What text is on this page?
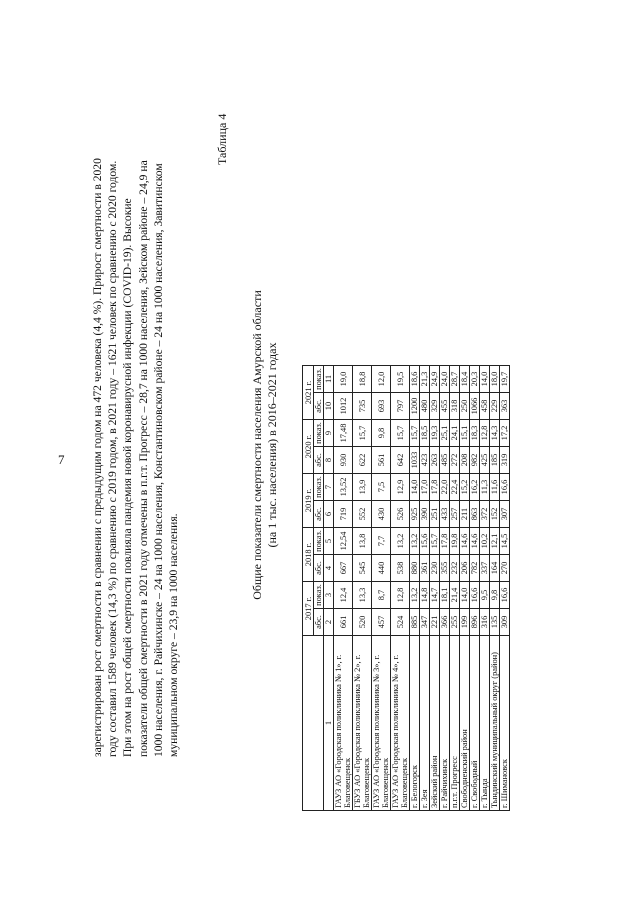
7 зарегистрирован рост смертности в сравнении с предыдущим годом на 472 человека (4,4 %). Прирост смертности в 2020 году составил 1589 человек (14,3 %) по сравнению с 2019 годом, в 2021 году – 1621 человек по сравнению с 2020 годом. При этом на рост общей смертности повлияла пандемия новой коронавирусной инфекции (COVID-19). Высокие показатели общей смертности в 2021 году отмечены в п.г.т. Прогресс – 28,7 на 1000 населения, Зейском районе – 24,9 на 1000 населения, г. Райчихинске – 24 на 1000 населения, Константиновском районе – 24 на 1000 населения, Завитинском муниципальном округе – 23,9 на 1000 населения.

Таблица 4
Общие показатели смертности населения Амурской области (на 1 тыс. населения) в 2016–2021 годах
	2017 г.		2018 г.		2019 г.		2020 г.		2021 г.	
	абс.	показ.	абс.	показ.	абс.	показ.	абс.	показ.	абс.	показ.
1	2	3	4	5	6	7	8	9	10	11
ГАУЗ АО «Городская поликлиника № 1», г. Благовещенск	661	12,4	667	12,54	719	13,52	930	17,48	1012	19,0
ГБУЗ АО «Городская поликлиника № 2», г. Благовещенск	520	13,3	545	13,8	552	13,9	622	15,7	735	18,8
ГАУЗ АО «Городская поликлиника № 3», г. Благовещенск	457	8,7	440	7,7	430	7,5	561	9,8	693	12,0
ГАУЗ АО «Городская поликлиника № 4», г. Благовещенск	524	12,8	538	13,2	526	12,9	642	15,7	797	19,5
г. Белогорск	885	13,2	880	13,2	925	14,0	1033	15,7	1200	18,6
г. Зея	347	14,8	361	15,6	390	17,0	423	18,5	480	21,3
Зейский район	221	14,7	230	15,7	251	17,8	263	19,3	329	24,9
г. Райчихинск	366	18,1	355	17,8	433	22,0	485	25,1	455	24,0
п.г.т. Прогресс	255	21,4	232	19,8	257	22,4	272	24,1	318	28,7
Свободненский район	199	14,0	206	14,6	211	15,2	208	15,1	250	18,4
г. Свободный	896	16,6	782	14,6	863	16,2	982	18,3	1066	20,3
г. Тында	316	9,5	337	10,2	372	11,3	425	12,8	458	14,0
Тындинский муниципальный округ (район)	135	9,8	164	12,1	152	11,6	185	14,3	229	18,0
г. Шимановск	309	16,6	270	14,5	307	16,6	319	17,2	363	19,7
